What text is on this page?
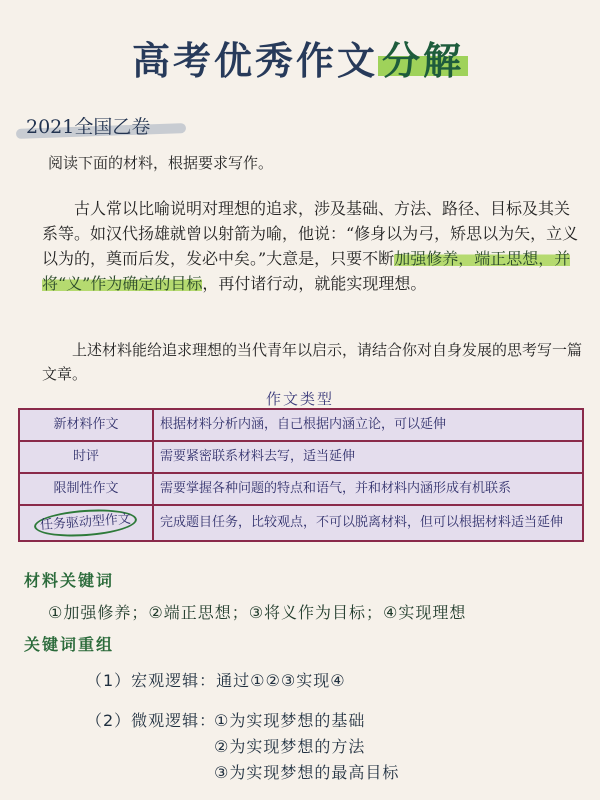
高考优秀作文 分解
2021全国乙卷
阅读下面的材料，根据要求写作。

古人常以比喻说明对理想的追求，涉及基础、方法、路径、目标及其关系等。如汉代扬雄就曾以射箭为喻，他说：“修身以为弓，矫思以为矢，立义以为的，奠而后发，发必中矣。”大意是，只要不断加强修养，端正思想，并将“义”作为确定的目标，再付诸行动，就能实现理想。

上述材料能给追求理想的当代青年以启示，请结合你对自身发展的思考写一篇文章。

作文类型
新材料作文	根据材料分析内涵，自己根据内涵立论，可以延伸
时评	需要紧密联系材料去写，适当延伸
限制性作文	需要掌握各种问题的特点和语气，并和材料内涵形成有机联系
任务驱动型作文	完成题目任务，比较观点，不可以脱离材料，但可以根据材料适当延伸
材料关键词
①加强修养；②端正思想；③将义作为目标；④实现理想
关键词重组
（1）宏观逻辑：通过①②③实现④
（2）微观逻辑：
①为实现梦想的基础
②为实现梦想的方法
③为实现梦想的最高目标
